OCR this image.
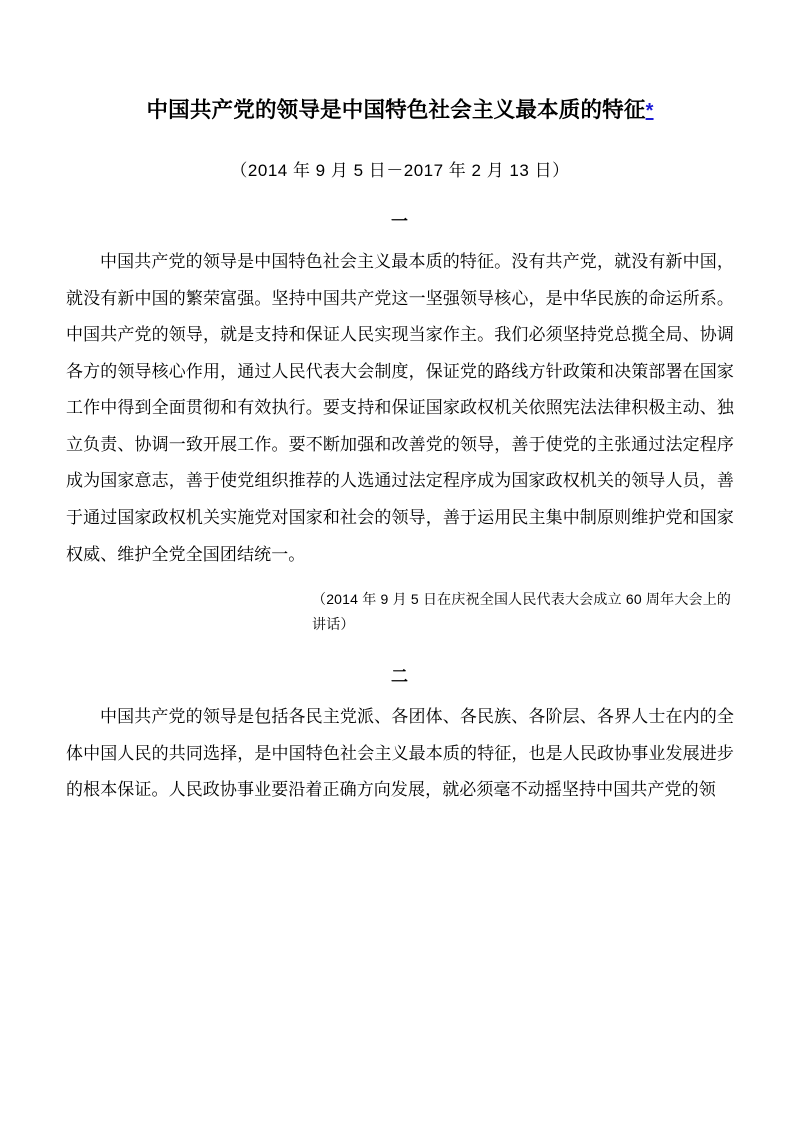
中国共产党的领导是中国特色社会主义最本质的特征*
（2014 年 9 月 5 日－2017 年 2 月 13 日）
一

中国共产党的领导是中国特色社会主义最本质的特征。没有共产党，就没有新中国，就没有新中国的繁荣富强。坚持中国共产党这一坚强领导核心，是中华民族的命运所系。中国共产党的领导，就是支持和保证人民实现当家作主。我们必须坚持党总揽全局、协调各方的领导核心作用，通过人民代表大会制度，保证党的路线方针政策和决策部署在国家工作中得到全面贯彻和有效执行。要支持和保证国家政权机关依照宪法法律积极主动、独立负责、协调一致开展工作。要不断加强和改善党的领导，善于使党的主张通过法定程序成为国家意志，善于使党组织推荐的人选通过法定程序成为国家政权机关的领导人员，善于通过国家政权机关实施党对国家和社会的领导，善于运用民主集中制原则维护党和国家权威、维护全党全国团结统一。

（2014 年 9 月 5 日在庆祝全国人民代表大会成立 60 周年大会上的讲话）

二

中国共产党的领导是包括各民主党派、各团体、各民族、各阶层、各界人士在内的全体中国人民的共同选择，是中国特色社会主义最本质的特征，也是人民政协事业发展进步的根本保证。人民政协事业要沿着正确方向发展，就必须毫不动摇坚持中国共产党的领
